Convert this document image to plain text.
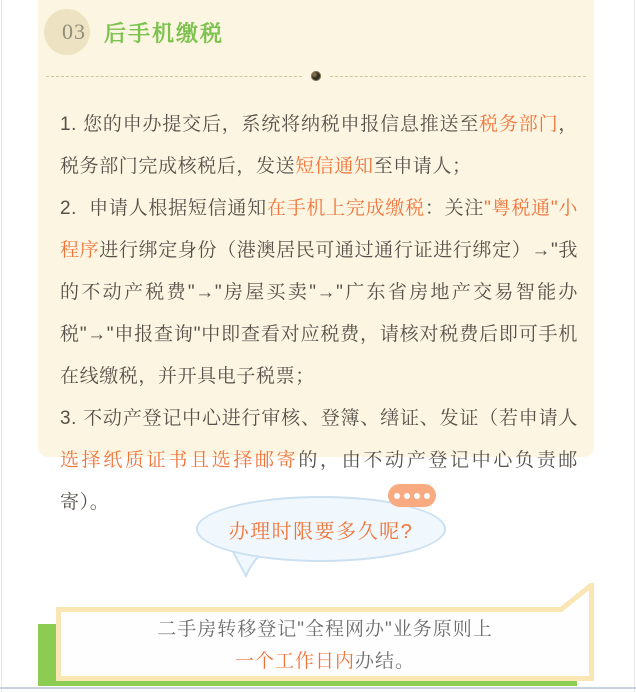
03 后手机缴税

1. 您的申办提交后，系统将纳税申报信息推送至税务部门，税务部门完成核税后，发送短信通知至申请人；

2.  申请人根据短信通知在手机上完成缴税：关注"粤税通"小程序进行绑定身份（港澳居民可通过通行证进行绑定）→"我的不动产税费"→"房屋买卖"→"广东省房地产交易智能办税"→"申报查询"中即查看对应税费，请核对税费后即可手机在线缴税，并开具电子税票；

3. 不动产登记中心进行审核、登簿、缮证、发证（若申请人选择纸质证书且选择邮寄的，由不动产登记中心负责邮寄）。

办理时限要多久呢?
二手房转移登记"全程网办"业务原则上
一个工作日内办结。
